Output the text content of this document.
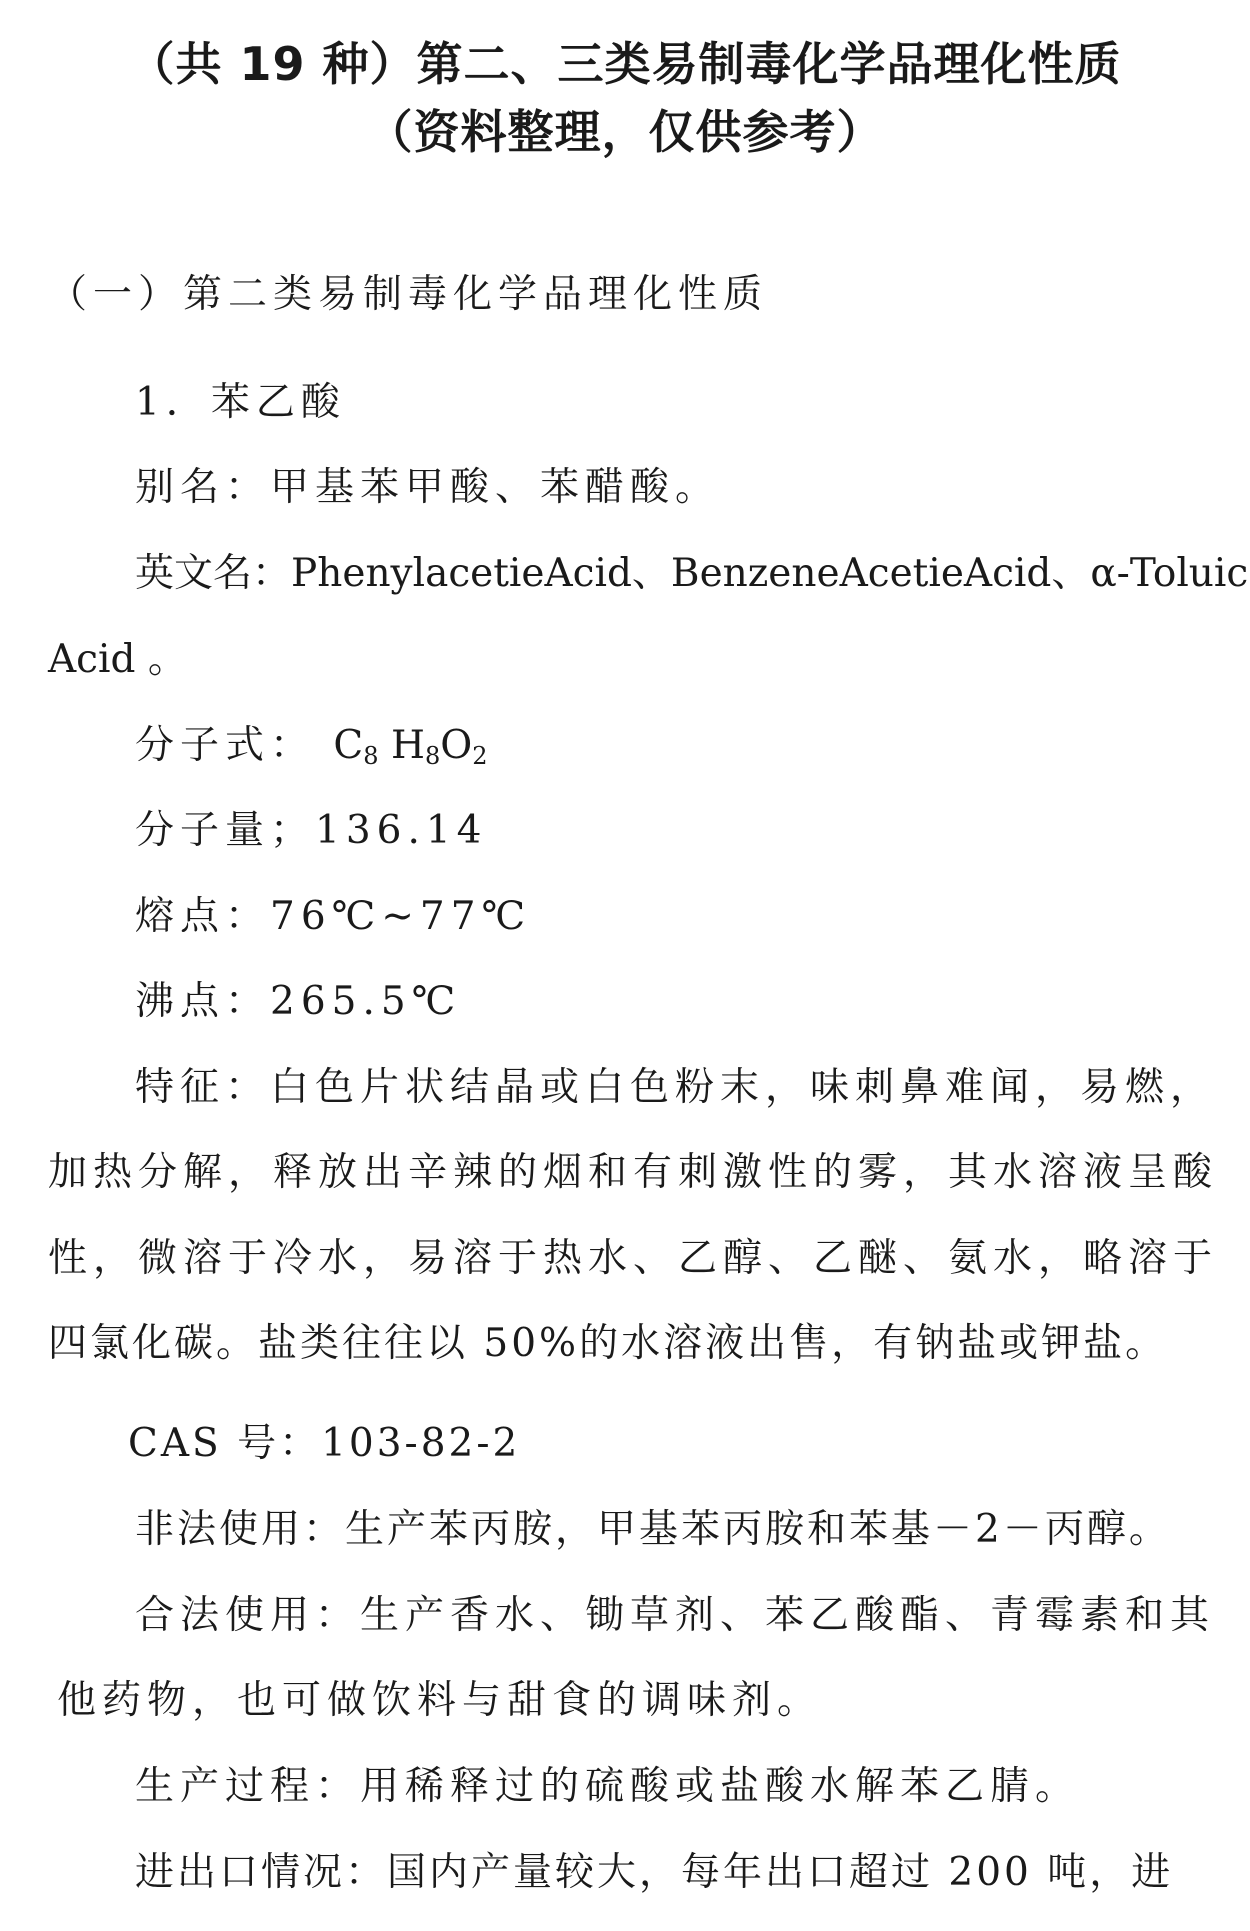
（共 19 种）第二、三类易制毒化学品理化性质
（资料整理，仅供参考）

（一）第二类易制毒化学品理化性质

1．苯乙酸

别名：甲基苯甲酸、苯醋酸。

英文名：PhenylacetieAcid、BenzeneAcetieAcid、α-Toluic

Acid 。

分子式： $C_8$ $H_8O_2$

分子量；136.14

熔点：76℃~77℃

沸点：265.5℃

特征：白色片状结晶或白色粉末，味刺鼻难闻，易燃，

加热分解，释放出辛辣的烟和有刺激性的雾，其水溶液呈酸

性，微溶于冷水，易溶于热水、乙醇、乙醚、氨水，略溶于

四氯化碳。盐类往往以 50%的水溶液出售，有钠盐或钾盐。

CAS 号：103-82-2

非法使用：生产苯丙胺，甲基苯丙胺和苯基－2－丙醇。

合法使用：生产香水、锄草剂、苯乙酸酯、青霉素和其

他药物，也可做饮料与甜食的调味剂。

生产过程：用稀释过的硫酸或盐酸水解苯乙腈。

进出口情况：国内产量较大，每年出口超过 200 吨，进
